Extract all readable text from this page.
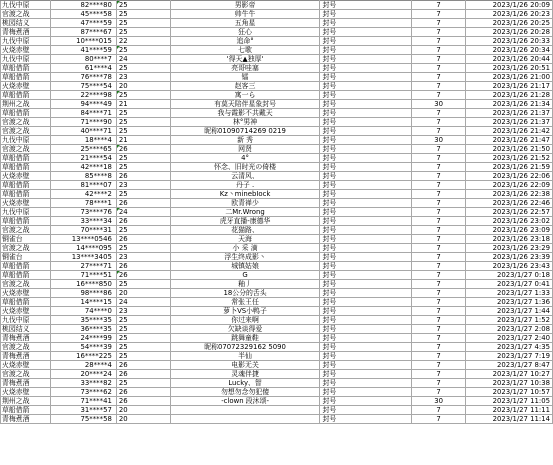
九伐中原	82****80	25	男影帝	封号	7	2023/1/26 20:09
官渡之战	45****58	25	帅牛牛	封号	7	2023/1/26 20:23
桃园结义	47****59	25	五角星	封号	7	2023/1/26 20:25
青梅煮酒	87****67	25	狂心	封号	7	2023/1/26 20:28
九伐中原	10****015	22	追命°	封号	7	2023/1/26 20:33
火烧赤壁	41****59	25	七歌	封号	7	2023/1/26 20:34
九伐中原	80****7	24	'得天▲独厚'	封号	7	2023/1/26 20:44
草船借箭	61****4	25	亮哥哇塞	封号	7	2023/1/26 20:51
草船借箭	76****78	23	镭	封号	7	2023/1/26 21:00
火烧赤壁	75****54	20	赵客三	封号	7	2023/1/26 21:17
草船借箭	22****98	25	寓一ら	封号	7	2023/1/26 21:28
荆州之战	94****49	21	有莫天陪伴星象封号	封号	30	2023/1/26 21:34
草船借箭	84****71	25	我与霞影不共戴天	封号	7	2023/1/26 21:37
官渡之战	71****90	25	林°男神	封号	7	2023/1/26 21:37
官渡之战	40****71	25	昵称01090714269 0219	封号	7	2023/1/26 21:42
九伐中原	18****4	21	新 秀	封号	30	2023/1/26 21:47
官渡之战	25****65	26	网贤	封号	7	2023/1/26 21:50
草船借箭	21****54	25	4°	封号	7	2023/1/26 21:52
草船借箭	42****18	25	怀念、旧时光の倚楼	封号	7	2023/1/26 21:59
火烧赤壁	85****8	26	云清风、	封号	7	2023/1/26 22:06
草船借箭	81****07	23	丹子 .	封号	7	2023/1/26 22:09
草船借箭	42****2	25	Kz丶minebIock	封号	7	2023/1/26 22:38
火烧赤壁	78****1	26	欧青禅少	封号	7	2023/1/26 22:46
九伐中原	73****76	24	二Mr.Wrong	封号	7	2023/1/26 22:57
草船借箭	33****34	26	虎牙直播-康德华	封号	7	2023/1/26 23:02
官渡之战	70****31	25	花猫路、	封号	7	2023/1/26 23:09
铜雀台	13****0546	26	天海	封号	7	2023/1/26 23:18
官渡之战	14****095	25	小 采 滴	封号	7	2023/1/26 23:29
铜雀台	13****3405	23	浮生终成影丶	封号	7	2023/1/26 23:39
草船借箭	27****71	26	城镇姑娘	封号	7	2023/1/26 23:43
草船借箭	71****51	26	G	封号	7	2023/1/27 0:18
官渡之战	16****850	25	釉丿	封号	7	2023/1/27 0:41
火烧赤壁	98****86	20	18公分的舌头	封号	7	2023/1/27 1:33
草船借箭	14****15	24	常张王任	封号	7	2023/1/27 1:36
火烧赤壁	74****0	23	萝卜VS小鸭子	封号	7	2023/1/27 1:44
九伐中原	35****35	25	你过来啊	封号	7	2023/1/27 1:52
桃园结义	36****35	25	欠缺谈得爱	封号	7	2023/1/27 2:08
青梅煮酒	24****99	25	跳舞童鞋	封号	7	2023/1/27 2:40
官渡之战	54****39	25	昵称07072329162 5090	封号	7	2023/1/27 4:35
青梅煮酒	16****225	25	半仙	封号	7	2023/1/27 7:19
火烧赤壁	28****4	26	电影无关	封号	7	2023/1/27 8:47
官渡之战	20****24	26	灵魂伴捷	封号	7	2023/1/27 10:27
青梅煮酒	33****82	25	Lucky、智	封号	7	2023/1/27 10:38
火烧赤壁	73****62	26	勿想勿念勿犯傻	封号	7	2023/1/27 10:57
荆州之战	71****41	26	-clown 段沐颂-	封号	30	2023/1/27 11:05
草船借箭	31****57	20		封号	7	2023/1/27 11:11
青梅煮酒	75****58	20		封号	7	2023/1/27 11:14
